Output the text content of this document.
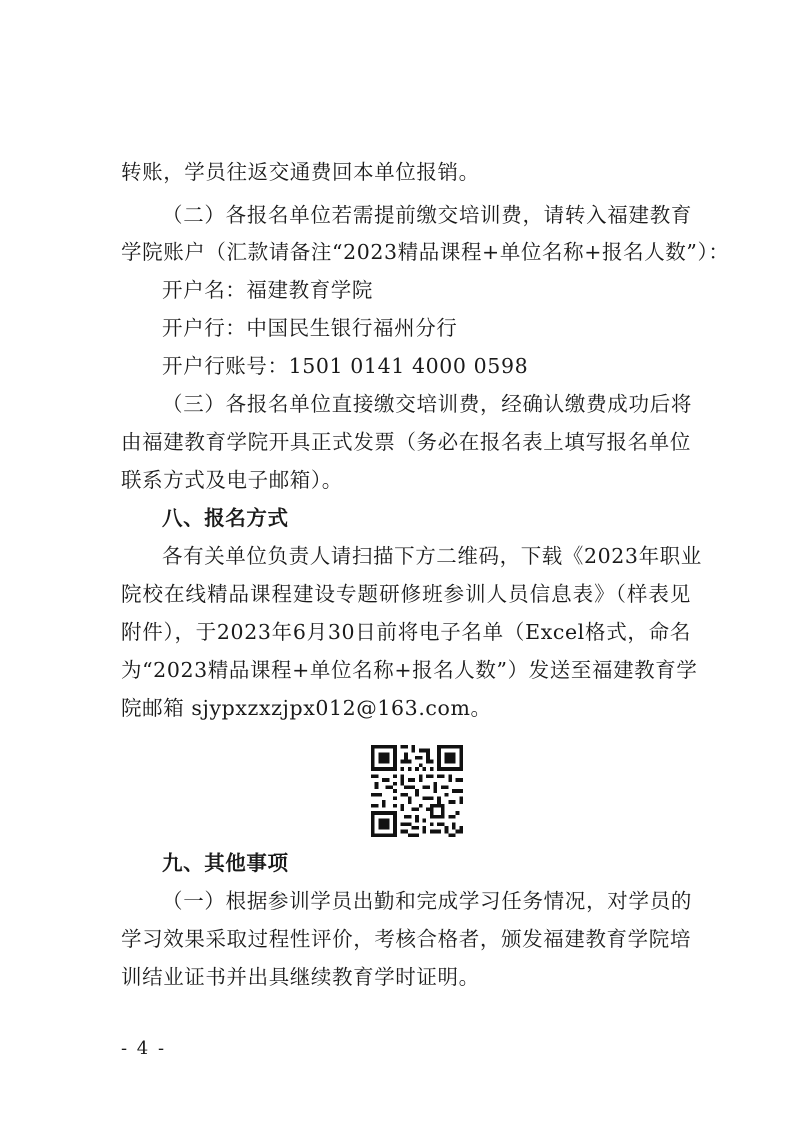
转账，学员往返交通费回本单位报销。
（二）各报名单位若需提前缴交培训费，请转入福建教育
学院账户（汇款请备注“2023精品课程+单位名称+报名人数”）：
开户名：福建教育学院
开户行：中国民生银行福州分行
开户行账号：1501 0141 4000 0598
（三）各报名单位直接缴交培训费，经确认缴费成功后将
由福建教育学院开具正式发票（务必在报名表上填写报名单位
联系方式及电子邮箱）。
八、报名方式
各有关单位负责人请扫描下方二维码，下载《2023年职业
院校在线精品课程建设专题研修班参训人员信息表》（样表见
附件），于2023年6月30日前将电子名单（Excel格式，命名
为“2023精品课程+单位名称+报名人数”）发送至福建教育学
院邮箱 sjypxzxzjpx012@163.com。
九、其他事项
（一）根据参训学员出勤和完成学习任务情况，对学员的
学习效果采取过程性评价，考核合格者，颁发福建教育学院培
训结业证书并出具继续教育学时证明。
- 4 -
